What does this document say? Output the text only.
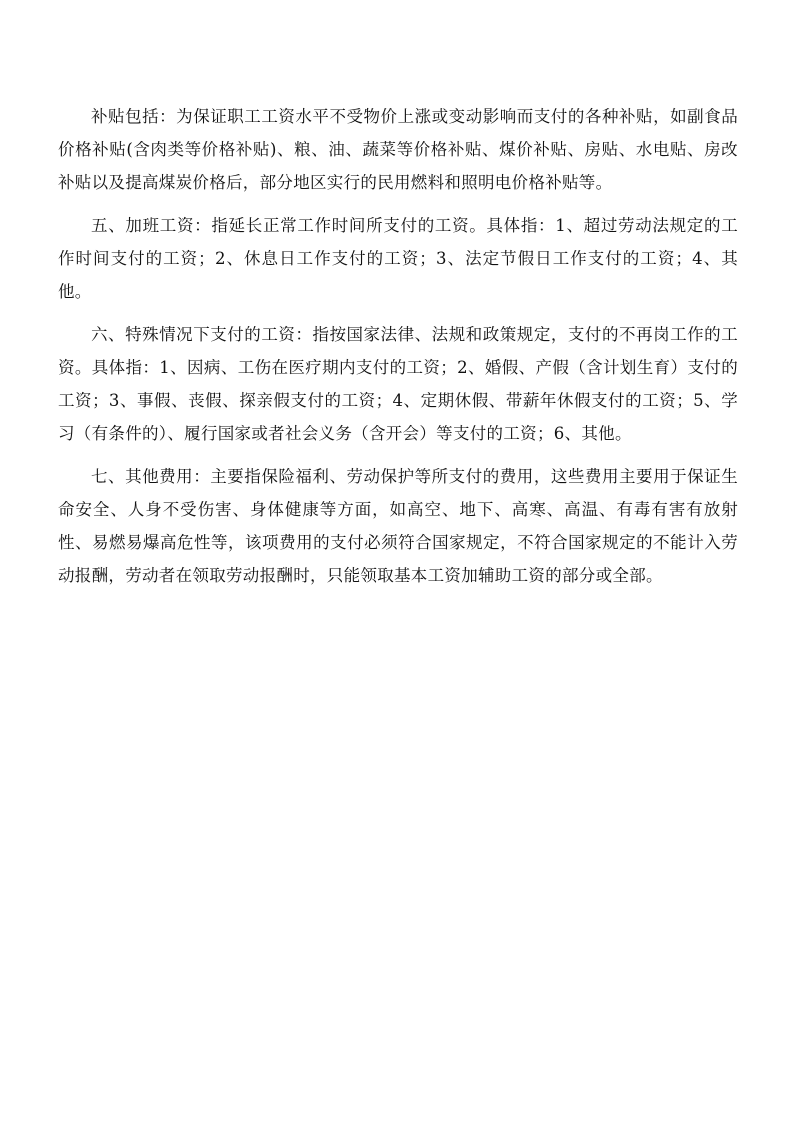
补贴包括：为保证职工工资水平不受物价上涨或变动影响而支付的各种补贴，如副食品价格补贴(含肉类等价格补贴)、粮、油、蔬菜等价格补贴、煤价补贴、房贴、水电贴、房改补贴以及提高煤炭价格后，部分地区实行的民用燃料和照明电价格补贴等。

五、加班工资：指延长正常工作时间所支付的工资。具体指：1、超过劳动法规定的工作时间支付的工资；2、休息日工作支付的工资；3、法定节假日工作支付的工资；4、其他。

六、特殊情况下支付的工资：指按国家法律、法规和政策规定，支付的不再岗工作的工资。具体指：1、因病、工伤在医疗期内支付的工资；2、婚假、产假（含计划生育）支付的工资；3、事假、丧假、探亲假支付的工资；4、定期休假、带薪年休假支付的工资；5、学习（有条件的）、履行国家或者社会义务（含开会）等支付的工资；6、其他。

七、其他费用：主要指保险福利、劳动保护等所支付的费用，这些费用主要用于保证生命安全、人身不受伤害、身体健康等方面，如高空、地下、高寒、高温、有毒有害有放射性、易燃易爆高危性等，该项费用的支付必须符合国家规定，不符合国家规定的不能计入劳动报酬，劳动者在领取劳动报酬时，只能领取基本工资加辅助工资的部分或全部。
